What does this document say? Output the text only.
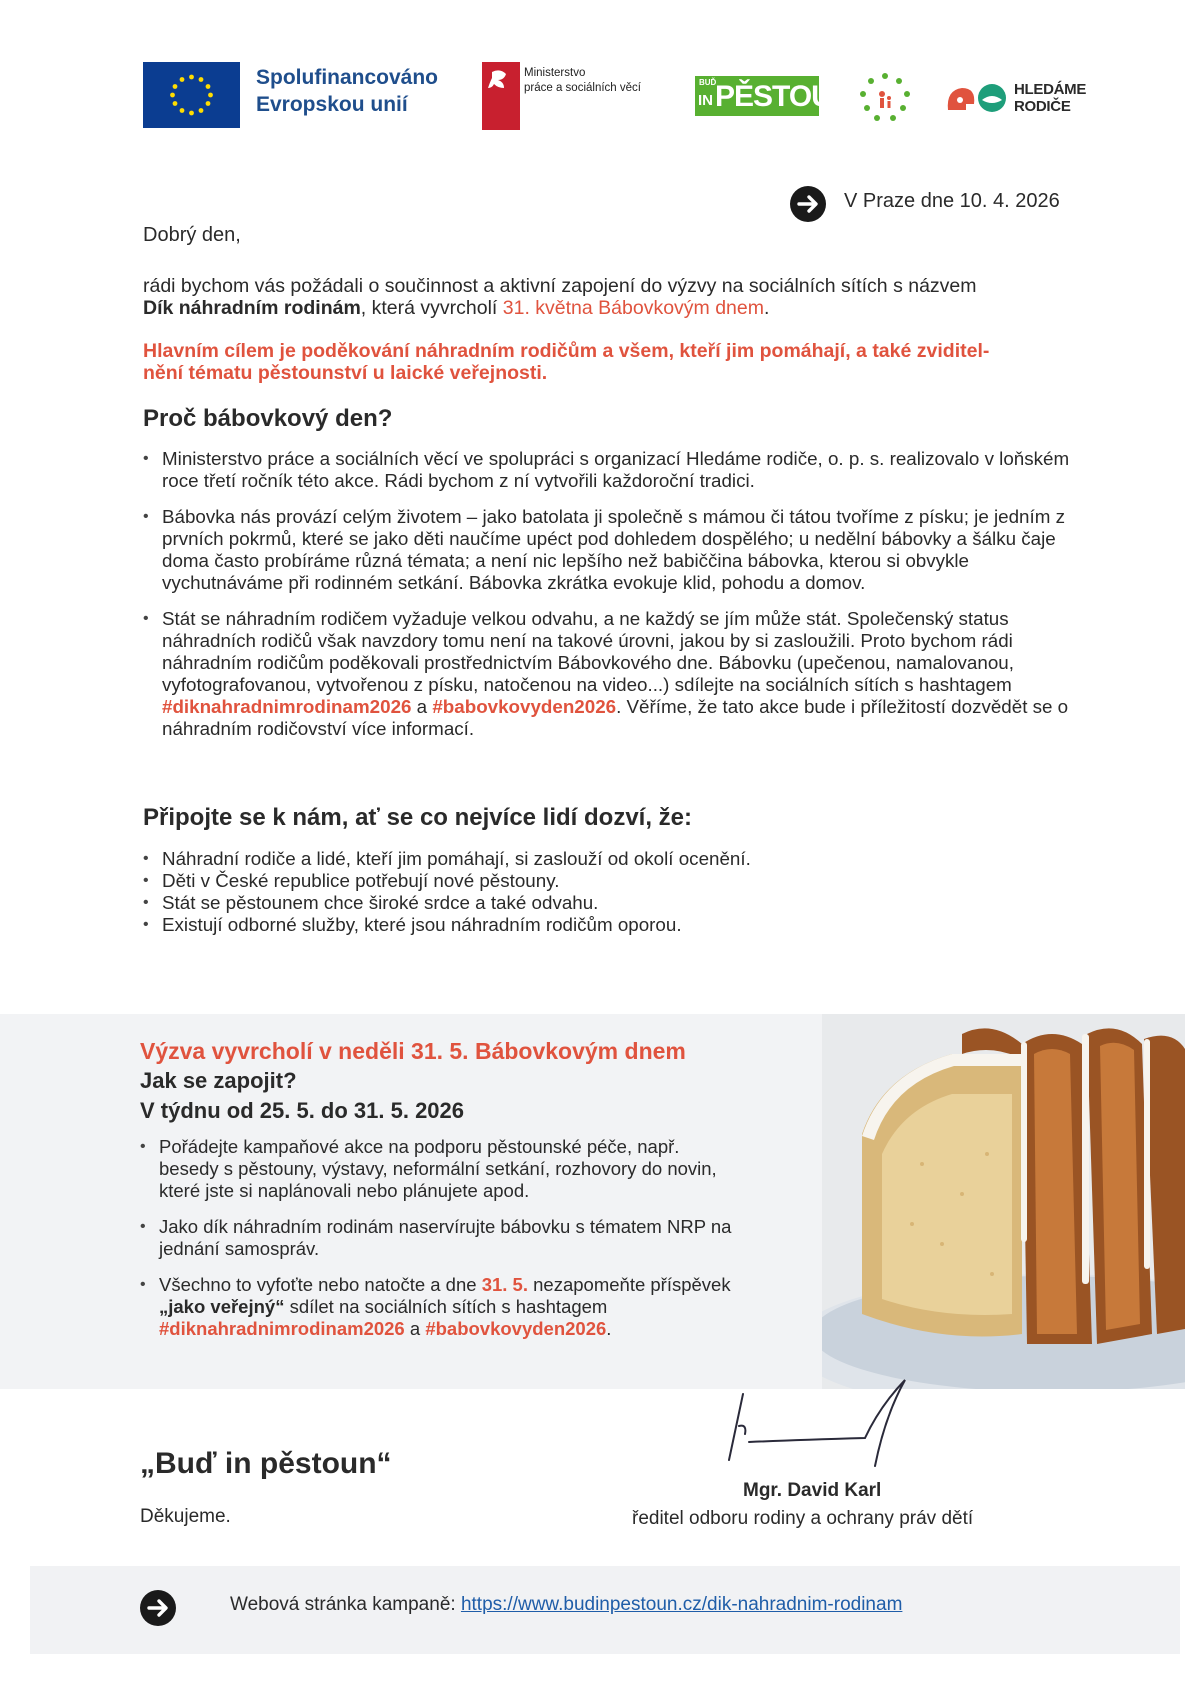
Spolufinancováno
Evropskou unií
Ministerstvo
práce a sociálních věcí	BUĎ
IN PĚSTOUN	HLEDÁME
RODIČE
V Praze dne 10. 4. 2026
Dobrý den,
rádi bychom vás požádali o součinnost a aktivní zapojení do výzvy na sociálních sítích s názvem
Dík náhradním rodinám, která vyvrcholí 31. května Bábovkovým dnem.
Hlavním cílem je poděkování náhradním rodičům a všem, kteří jim pomáhají, a také zviditel-
nění tématu pěstounství u laické veřejnosti.
Proč bábovkový den?
• Ministerstvo práce a sociálních věcí ve spolupráci s organizací Hledáme rodiče, o. p. s. realizovalo v loňském roce třetí ročník této akce. Rádi bychom z ní vytvořili každoroční tradici.
• Bábovka nás provází celým životem – jako batolata ji společně s mámou či tátou tvoříme z písku; je jedním z prvních pokrmů, které se jako děti naučíme upéct pod dohledem dospělého; u nedělní bábovky a šálku čaje doma často probíráme různá témata; a není nic lepšího než babiččina bábovka, kterou si obvykle vychutnáváme při rodinném setkání. Bábovka zkrátka evokuje klid, pohodu a domov.
• Stát se náhradním rodičem vyžaduje velkou odvahu, a ne každý se jím může stát. Společenský status náhradních rodičů však navzdory tomu není na takové úrovni, jakou by si zasloužili. Proto bychom rádi náhradním rodičům poděkovali prostřednictvím Bábovkového dne. Bábovku (upečenou, namalovanou, vyfotografovanou, vytvořenou z písku, natočenou na video...) sdílejte na sociálních sítích s hashtagem #diknahradnimrodinam2026 a #babovkovyden2026. Věříme, že tato akce bude i příležitostí dozvědět se o náhradním rodičovství více informací.
Připojte se k nám, ať se co nejvíce lidí dozví, že:
• Náhradní rodiče a lidé, kteří jim pomáhají, si zaslouží od okolí ocenění.
• Děti v České republice potřebují nové pěstouny.
• Stát se pěstounem chce široké srdce a také odvahu.
• Existují odborné služby, které jsou náhradním rodičům oporou.
Výzva vyvrcholí v neděli 31. 5. Bábovkovým dnem
Jak se zapojit?
V týdnu od 25. 5. do 31. 5. 2026
• Pořádejte kampaňové akce na podporu pěstounské péče, např. besedy s pěstouny, výstavy, neformální setkání, rozhovory do novin, které jste si naplánovali nebo plánujete apod.
• Jako dík náhradním rodinám naservírujte bábovku s tématem NRP na jednání samospráv.
• Všechno to vyfoťte nebo natočte a dne 31. 5. nezapomeňte příspěvek „jako veřejný“ sdílet na sociálních sítích s hashtagem #diknahradnimrodinam2026 a #babovkovyden2026.
„Buď in pěstoun“
Děkujeme.
Mgr. David Karl
ředitel odboru rodiny a ochrany práv dětí
Webová stránka kampaně: https://www.budinpestoun.cz/dik-nahradnim-rodinam
